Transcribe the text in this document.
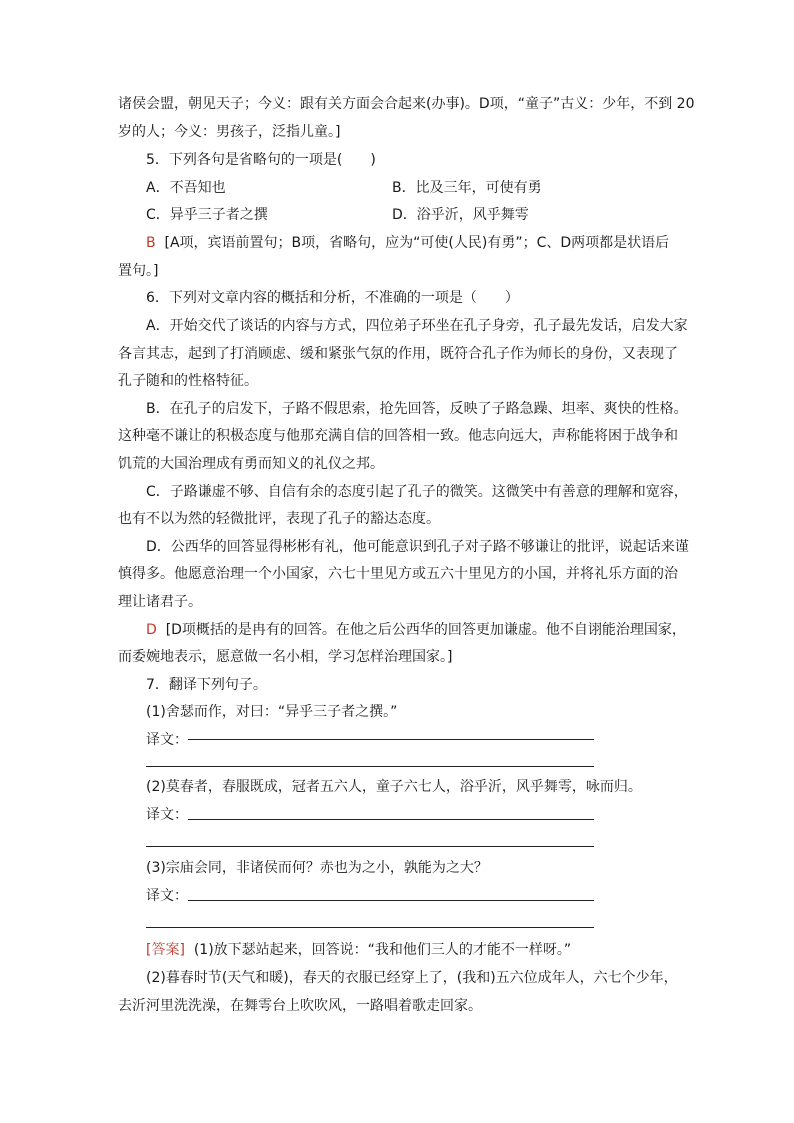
诸侯会盟，朝见天子；今义：跟有关方面会合起来(办事)。D项，“童子”古义：少年，不到 20
岁的人；今义：男孩子，泛指儿童。]
5．下列各句是省略句的一项是(　　)
A．不吾知也	B．比及三年，可使有勇
C．异乎三子者之撰	D．浴乎沂，风乎舞雩
B [A项，宾语前置句；B项，省略句，应为“可使(人民)有勇”；C、D两项都是状语后
置句。]
6．下列对文章内容的概括和分析，不准确的一项是（　　）
A．开始交代了谈话的内容与方式，四位弟子环坐在孔子身旁，孔子最先发话，启发大家
各言其志，起到了打消顾虑、缓和紧张气氛的作用，既符合孔子作为师长的身份，又表现了
孔子随和的性格特征。
B．在孔子的启发下，子路不假思索，抢先回答，反映了子路急躁、坦率、爽快的性格。
这种毫不谦让的积极态度与他那充满自信的回答相一致。他志向远大，声称能将困于战争和
饥荒的大国治理成有勇而知义的礼仪之邦。
C．子路谦虚不够、自信有余的态度引起了孔子的微笑。这微笑中有善意的理解和宽容，
也有不以为然的轻微批评，表现了孔子的豁达态度。
D．公西华的回答显得彬彬有礼，他可能意识到孔子对子路不够谦让的批评，说起话来谨
慎得多。他愿意治理一个小国家，六七十里见方或五六十里见方的小国，并将礼乐方面的治
理让诸君子。
D [D项概括的是冉有的回答。在他之后公西华的回答更加谦虚。他不自诩能治理国家，
而委婉地表示，愿意做一名小相，学习怎样治理国家。]
7．翻译下列句子。
(1)舍瑟而作，对曰：“异乎三子者之撰。”
译文：
(2)莫春者，春服既成，冠者五六人，童子六七人，浴乎沂，风乎舞雩，咏而归。
译文：
(3)宗庙会同，非诸侯而何？赤也为之小，孰能为之大？
译文：
[答案] (1)放下瑟站起来，回答说：“我和他们三人的才能不一样呀。”
(2)暮春时节(天气和暖)，春天的衣服已经穿上了，(我和)五六位成年人，六七个少年，
去沂河里洗洗澡，在舞雩台上吹吹风，一路唱着歌走回家。
